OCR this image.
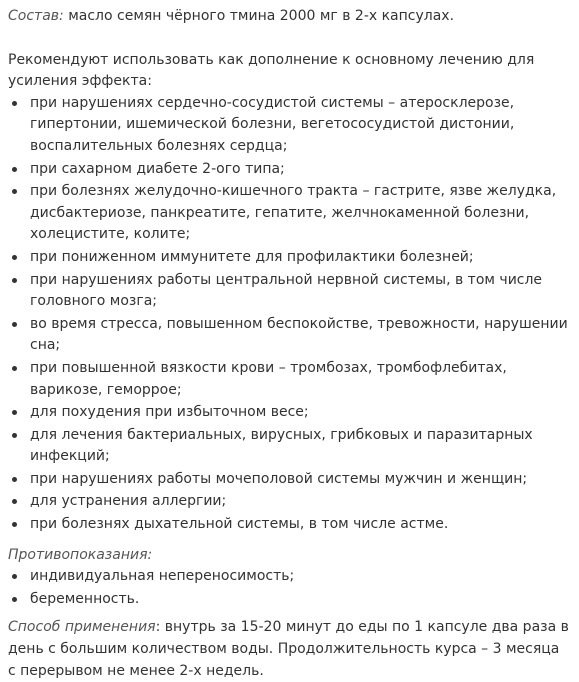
Состав: масло семян чёрного тмина 2000 мг в 2-х капсулах.

Рекомендуют использовать как дополнение к основному лечению для усиления эффекта:

при нарушениях сердечно-сосудистой системы – атеросклерозе, гипертонии, ишемической болезни, вегетососудистой дистонии, воспалительных болезнях сердца;
при сахарном диабете 2-ого типа;
при болезнях желудочно-кишечного тракта – гастрите, язве желудка, дисбактериозе, панкреатите, гепатите, желчнокаменной болезни, холецистите, колите;
при пониженном иммунитете для профилактики болезней;
при нарушениях работы центральной нервной системы, в том числе головного мозга;
во время стресса, повышенном беспокойстве, тревожности, нарушении сна;
при повышенной вязкости крови – тромбозах, тромбофлебитах, варикозе, геморрое;
для похудения при избыточном весе;
для лечения бактериальных, вирусных, грибковых и паразитарных инфекций;
при нарушениях работы мочеполовой системы мужчин и женщин;
для устранения аллергии;
при болезнях дыхательной системы, в том числе астме.

Противопоказания:

индивидуальная непереносимость;
беременность.

Способ применения: внутрь за 15-20 минут до еды по 1 капсуле два раза в день с большим количеством воды. Продолжительность курса – 3 месяца с перерывом не менее 2-х недель.
